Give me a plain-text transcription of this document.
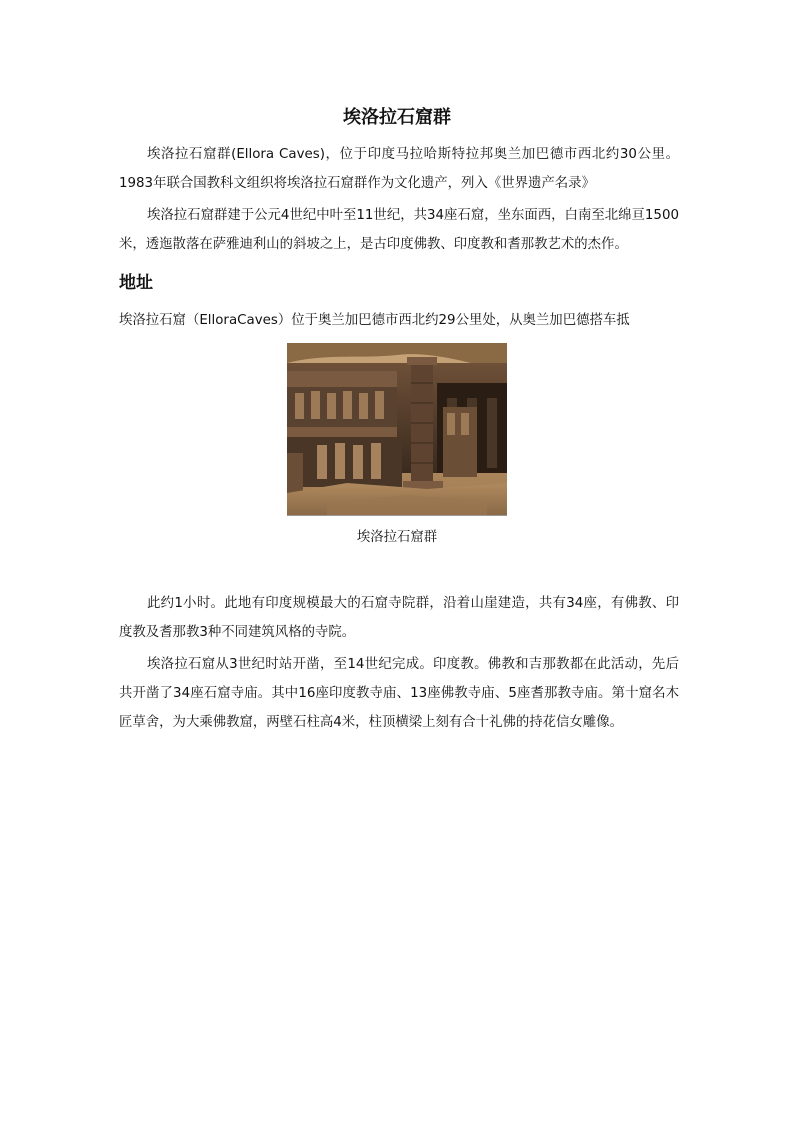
埃洛拉石窟群

埃洛拉石窟群(Ellora Caves)，位于印度马拉哈斯特拉邦奥兰加巴德市西北约30公里。1983年联合国教科文组织将埃洛拉石窟群作为文化遗产，列入《世界遗产名录》

埃洛拉石窟群建于公元4世纪中叶至11世纪，共34座石窟，坐东面西，白南至北绵亘1500米，透迤散落在萨雅迪利山的斜坡之上，是古印度佛教、印度教和耆那教艺术的杰作。

地址

埃洛拉石窟（ElloraCaves）位于奥兰加巴德市西北约29公里处，从奥兰加巴德搭车抵

埃洛拉石窟群

此约1小时。此地有印度规模最大的石窟寺院群，沿着山崖建造，共有34座，有佛教、印度教及耆那教3种不同建筑风格的寺院。

埃洛拉石窟从3世纪时站开凿，至14世纪完成。印度教。佛教和吉那教都在此活动，先后共开凿了34座石窟寺庙。其中16座印度教寺庙、13座佛教寺庙、5座耆那教寺庙。第十窟名木匠草舍，为大乘佛教窟，两壁石柱高4米，柱顶横梁上刻有合十礼佛的持花信女雕像。
